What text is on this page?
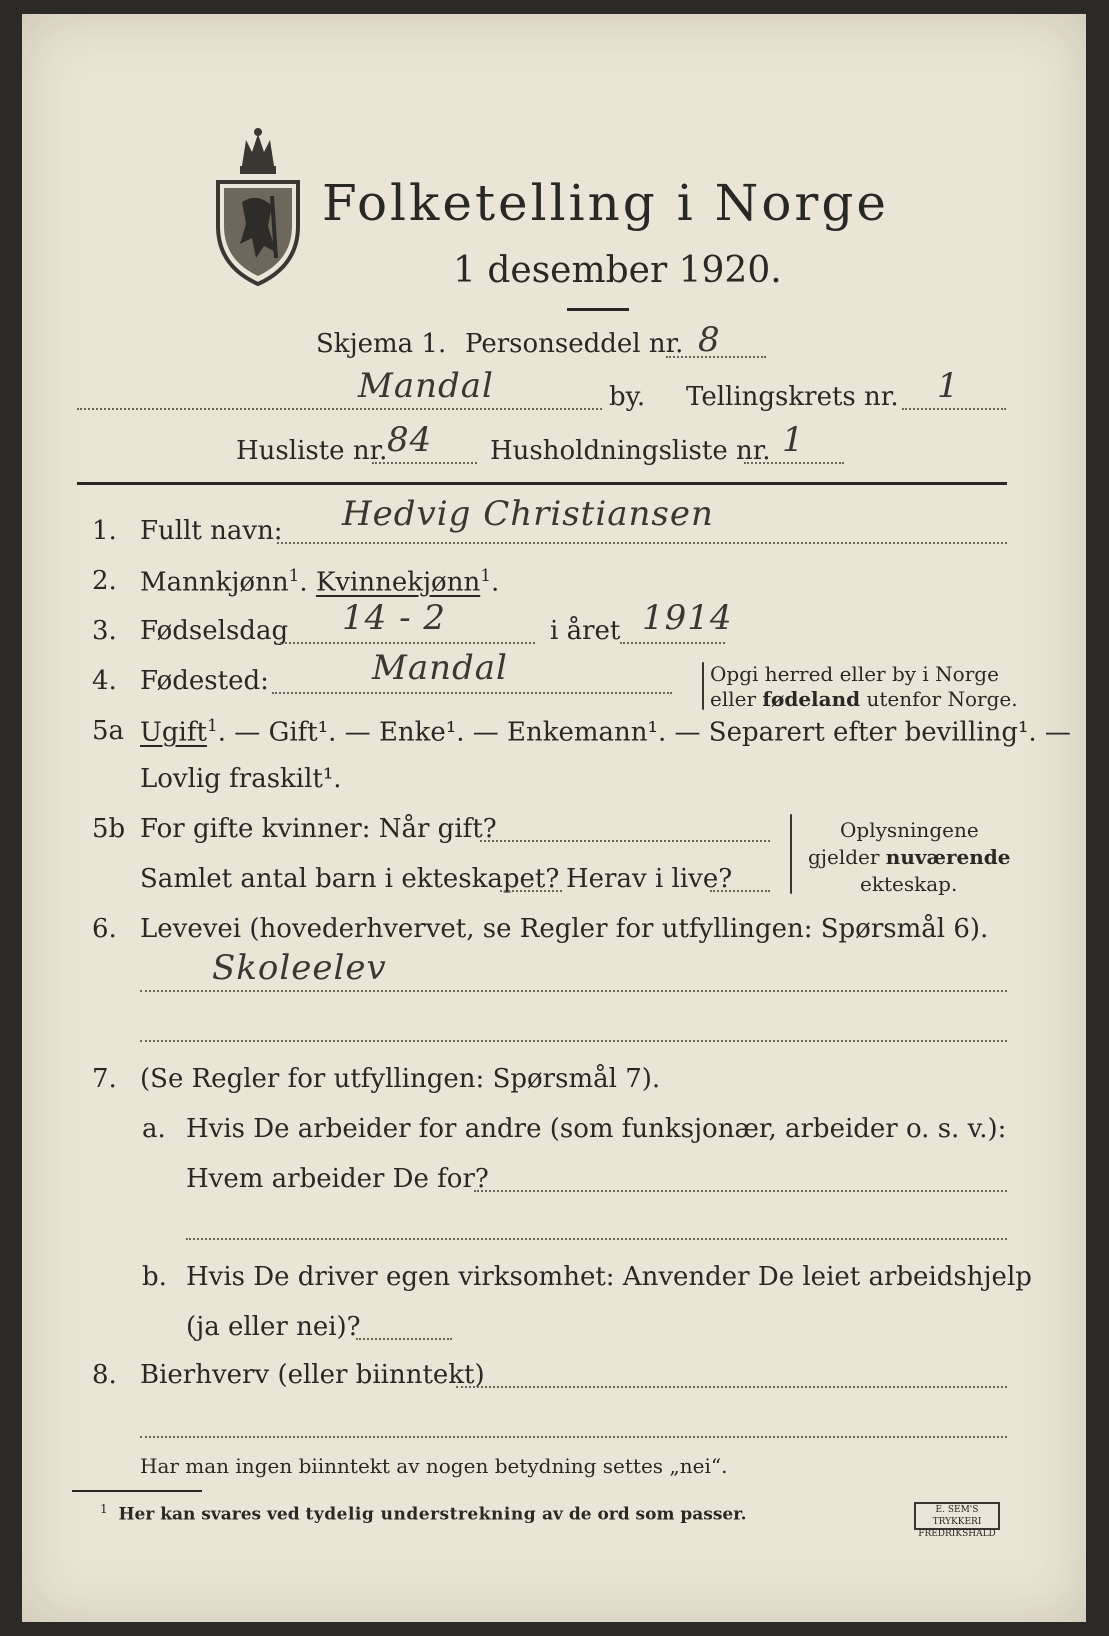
Folketelling i Norge
1 desember 1920.
Skjema 1. Personseddel nr. 8
Mandal	by. Tellingskrets nr. 1
Husliste nr. 84 Husholdningsliste nr. 1
1. Fullt navn: Hedvig Christiansen
2. Mannkjønn$^1$. Kvinnekjønn$^1$.
3. Fødselsdag 14 - 2	i året 1914
4. Fødested:	Mandal	Opgi herred eller by i Norge
eller fødeland utenfor Norge.
5a Ugift$^1$. — Gift¹. — Enke¹. — Enkemann¹. — Separert efter bevilling¹. —
Lovlig fraskilt¹.
5b For gifte kvinner: Når gift?
Samlet antal barn i ekteskapet? Herav i live?
Oplysningene
gjelder nuværende
ekteskap.
6. Levevei (hovederhvervet, se Regler for utfyllingen: Spørsmål 6).
Skoleelev
7. (Se Regler for utfyllingen: Spørsmål 7).
a. Hvis De arbeider for andre (som funksjonær, arbeider o. s. v.):
Hvem arbeider De for?
b. Hvis De driver egen virksomhet: Anvender De leiet arbeidshjelp
(ja eller nei)?
8. Bierhverv (eller biinntekt)
Har man ingen biinntekt av nogen betydning settes „nei“.
$^1$ Her kan svares ved tydelig understrekning av de ord som passer.	E. SEM'S TRYKKERI FREDRIKSHALD
